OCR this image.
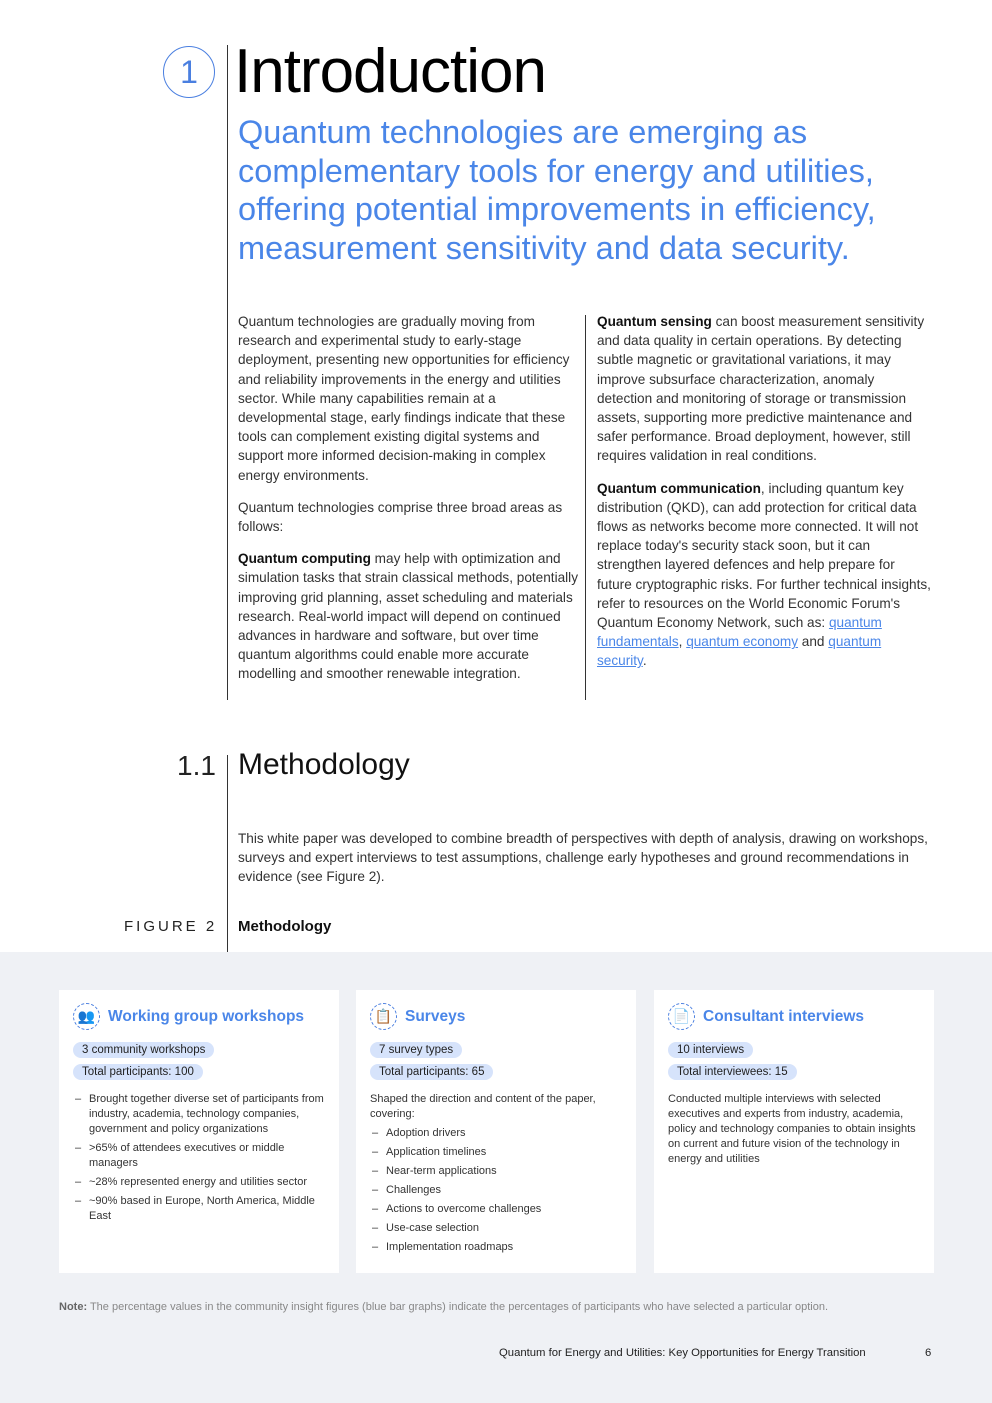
1 Introduction
Quantum technologies are emerging as complementary tools for energy and utilities, offering potential improvements in efficiency, measurement sensitivity and data security.

Quantum technologies are gradually moving from research and experimental study to early-stage deployment, presenting new opportunities for efficiency and reliability improvements in the energy and utilities sector. While many capabilities remain at a developmental stage, early findings indicate that these tools can complement existing digital systems and support more informed decision-making in complex energy environments.

Quantum technologies comprise three broad areas as follows:

Quantum computing may help with optimization and simulation tasks that strain classical methods, potentially improving grid planning, asset scheduling and materials research. Real-world impact will depend on continued advances in hardware and software, but over time quantum algorithms could enable more accurate modelling and smoother renewable integration.

Quantum sensing can boost measurement sensitivity and data quality in certain operations. By detecting subtle magnetic or gravitational variations, it may improve subsurface characterization, anomaly detection and monitoring of storage or transmission assets, supporting more predictive maintenance and safer performance. Broad deployment, however, still requires validation in real conditions.

Quantum communication, including quantum key distribution (QKD), can add protection for critical data flows as networks become more connected. It will not replace today's security stack soon, but it can strengthen layered defences and help prepare for future cryptographic risks. For further technical insights, refer to resources on the World Economic Forum's Quantum Economy Network, such as: quantum fundamentals, quantum economy and quantum security.

1.1 Methodology
This white paper was developed to combine breadth of perspectives with depth of analysis, drawing on workshops, surveys and expert interviews to test assumptions, challenge early hypotheses and ground recommendations in evidence (see Figure 2).
FIGURE 2 Methodology
👥 Working group workshops
3 community workshops
Total participants: 100
– Brought together diverse set of participants from industry, academia, technology companies, government and policy organizations
– >65% of attendees executives or middle managers
– ~28% represented energy and utilities sector
– ~90% based in Europe, North America, Middle East
📋 Surveys
7 survey types
Total participants: 65
Shaped the direction and content of the paper, covering:
– Adoption drivers
– Application timelines
– Near-term applications
– Challenges
– Actions to overcome challenges
– Use-case selection
– Implementation roadmaps
📄 Consultant interviews
10 interviews
Total interviewees: 15
Conducted multiple interviews with selected executives and experts from industry, academia, policy and technology companies to obtain insights on current and future vision of the technology in energy and utilities
Note: The percentage values in the community insight figures (blue bar graphs) indicate the percentages of participants who have selected a particular option.
Quantum for Energy and Utilities: Key Opportunities for Energy Transition	6
